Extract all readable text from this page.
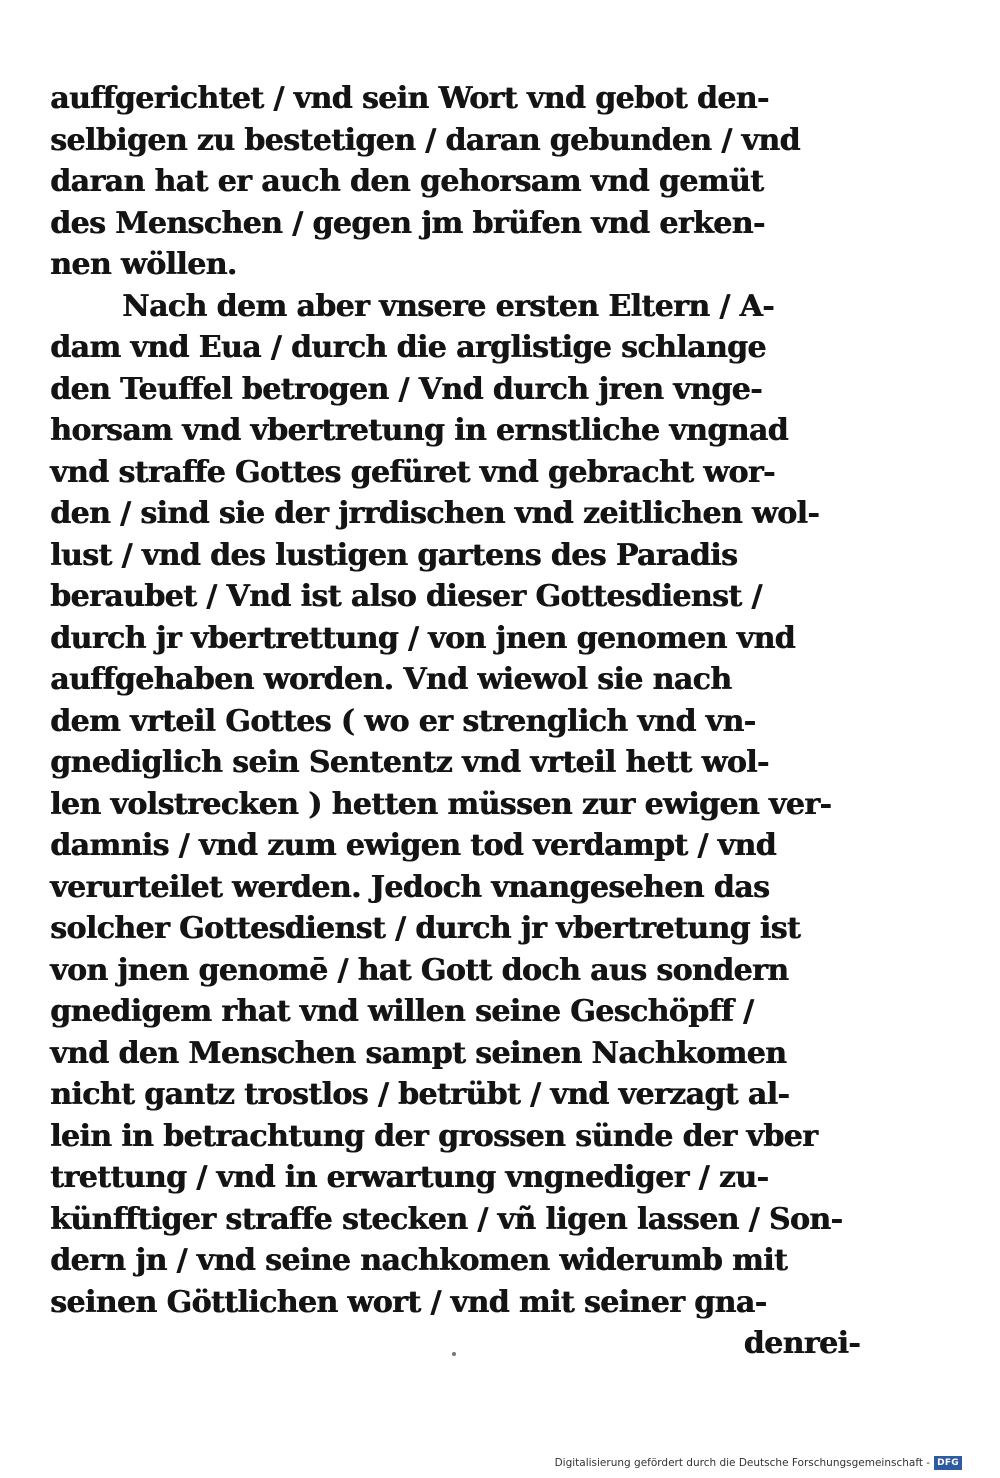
auffgerichtet / vnd sein Wort vnd gebot den-
selbigen zu bestetigen / daran gebunden / vnd
daran hat er auch den gehorsam vnd gemüt
des Menschen / gegen jm brüfen vnd erken-
nen wöllen.
Nach dem aber vnsere ersten Eltern / A-
dam vnd Eua / durch die arglistige schlange
den Teuffel betrogen / Vnd durch jren vnge-
horsam vnd vbertretung in ernstliche vngnad
vnd straffe Gottes gefüret vnd gebracht wor-
den / sind sie der jrrdischen vnd zeitlichen wol-
lust / vnd des lustigen gartens des Paradis
beraubet / Vnd ist also dieser Gottesdienst /
durch jr vbertrettung / von jnen genomen vnd
auffgehaben worden. Vnd wiewol sie nach
dem vrteil Gottes ( wo er strenglich vnd vn-
gnediglich sein Sententz vnd vrteil hett wol-
len volstrecken ) hetten müssen zur ewigen ver-
damnis / vnd zum ewigen tod verdampt / vnd
verurteilet werden. Jedoch vnangesehen das
solcher Gottesdienst / durch jr vbertretung ist
von jnen genomē / hat Gott doch aus sondern
gnedigem rhat vnd willen seine Geschöpff /
vnd den Menschen sampt seinen Nachkomen
nicht gantz trostlos / betrübt / vnd verzagt al-
lein in betrachtung der grossen sünde der vber
trettung / vnd in erwartung vngnediger / zu-
künfftiger straffe stecken / vñ ligen lassen / Son-
dern jn / vnd seine nachkomen widerumb mit
seinen Göttlichen wort / vnd mit seiner gna-
denrei-
Digitalisierung gefördert durch die Deutsche Forschungsgemeinschaft - DFG
